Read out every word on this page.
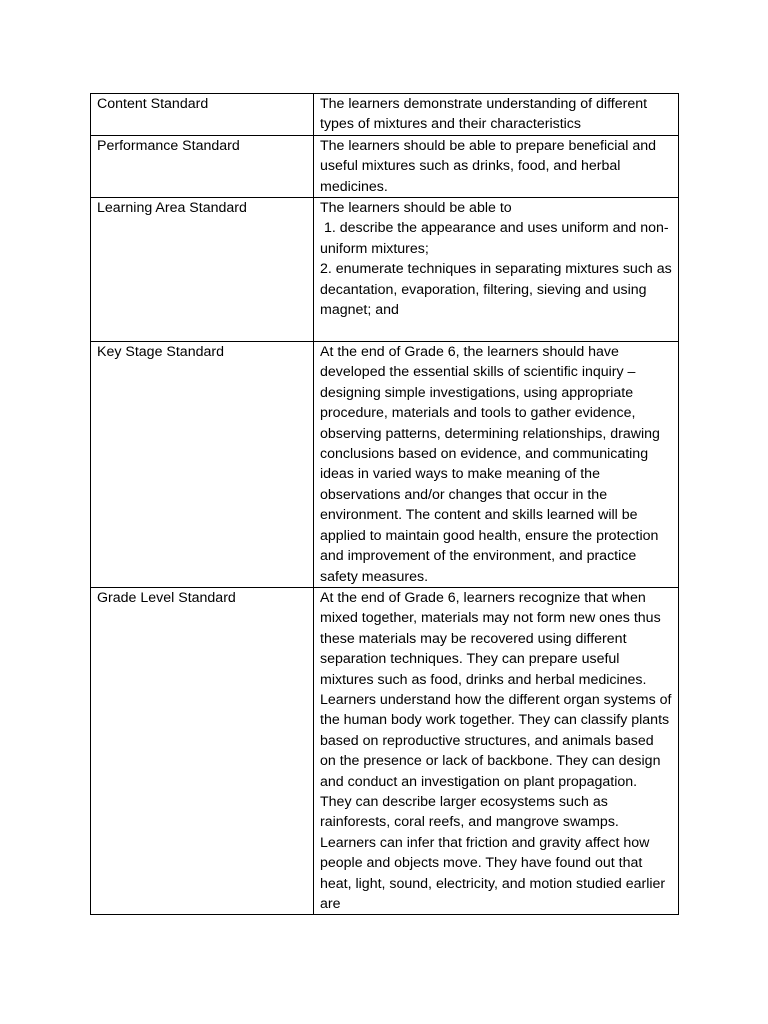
Content Standard	The learners demonstrate understanding of different types of mixtures and their characteristics
Performance Standard	The learners should be able to prepare beneficial and useful mixtures such as drinks, food, and herbal medicines.
Learning Area Standard	The learners should be able to
1. describe the appearance and uses uniform and non-uniform mixtures;
2. enumerate techniques in separating mixtures such as decantation, evaporation, filtering, sieving and using magnet; and

Key Stage Standard	At the end of Grade 6, the learners should have developed the essential skills of scientific inquiry – designing simple investigations, using appropriate procedure, materials and tools to gather evidence, observing patterns, determining relationships, drawing conclusions based on evidence, and communicating ideas in varied ways to make meaning of the observations and/or changes that occur in the environment. The content and skills learned will be applied to maintain good health, ensure the protection and improvement of the environment, and practice safety measures.
Grade Level Standard	At the end of Grade 6, learners recognize that when mixed together, materials may not form new ones thus these materials may be recovered using different separation techniques. They can prepare useful mixtures such as food, drinks and herbal medicines. Learners understand how the different organ systems of the human body work together. They can classify plants based on reproductive structures, and animals based on the presence or lack of backbone. They can design and conduct an investigation on plant propagation. They can describe larger ecosystems such as rainforests, coral reefs, and mangrove swamps. Learners can infer that friction and gravity affect how people and objects move. They have found out that heat, light, sound, electricity, and motion studied earlier are
